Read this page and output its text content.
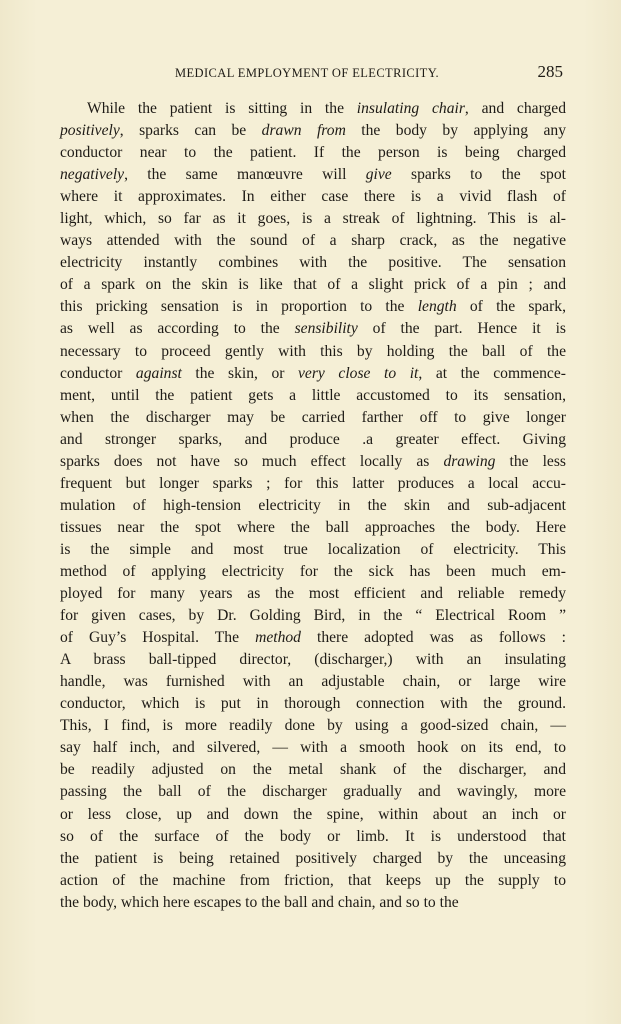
MEDICAL EMPLOYMENT OF ELECTRICITY.	285

While the patient is sitting in the insulating chair, and charged
positively, sparks can be drawn from the body by applying any
conductor near to the patient. If the person is being charged
negatively, the same manœuvre will give sparks to the spot
where it approximates. In either case there is a vivid flash of
light, which, so far as it goes, is a streak of lightning. This is al-
ways attended with the sound of a sharp crack, as the negative
electricity instantly combines with the positive. The sensation
of a spark on the skin is like that of a slight prick of a pin ; and
this pricking sensation is in proportion to the length of the spark,
as well as according to the sensibility of the part. Hence it is
necessary to proceed gently with this by holding the ball of the
conductor against the skin, or very close to it, at the commence-
ment, until the patient gets a little accustomed to its sensation,
when the discharger may be carried farther off to give longer
and stronger sparks, and produce .a greater effect. Giving
sparks does not have so much effect locally as drawing the less
frequent but longer sparks ; for this latter produces a local accu-
mulation of high-tension electricity in the skin and sub-adjacent
tissues near the spot where the ball approaches the body. Here
is the simple and most true localization of electricity. This
method of applying electricity for the sick has been much em-
ployed for many years as the most efficient and reliable remedy
for given cases, by Dr. Golding Bird, in the “ Electrical Room ”
of Guy’s Hospital. The method there adopted was as follows :
A brass ball-tipped director, (discharger,) with an insulating
handle, was furnished with an adjustable chain, or large wire
conductor, which is put in thorough connection with the ground.
This, I find, is more readily done by using a good-sized chain, —
say half inch, and silvered, — with a smooth hook on its end, to
be readily adjusted on the metal shank of the discharger, and
passing the ball of the discharger gradually and wavingly, more
or less close, up and down the spine, within about an inch or
so of the surface of the body or limb. It is understood that
the patient is being retained positively charged by the unceasing
action of the machine from friction, that keeps up the supply to
the body, which here escapes to the ball and chain, and so to the
